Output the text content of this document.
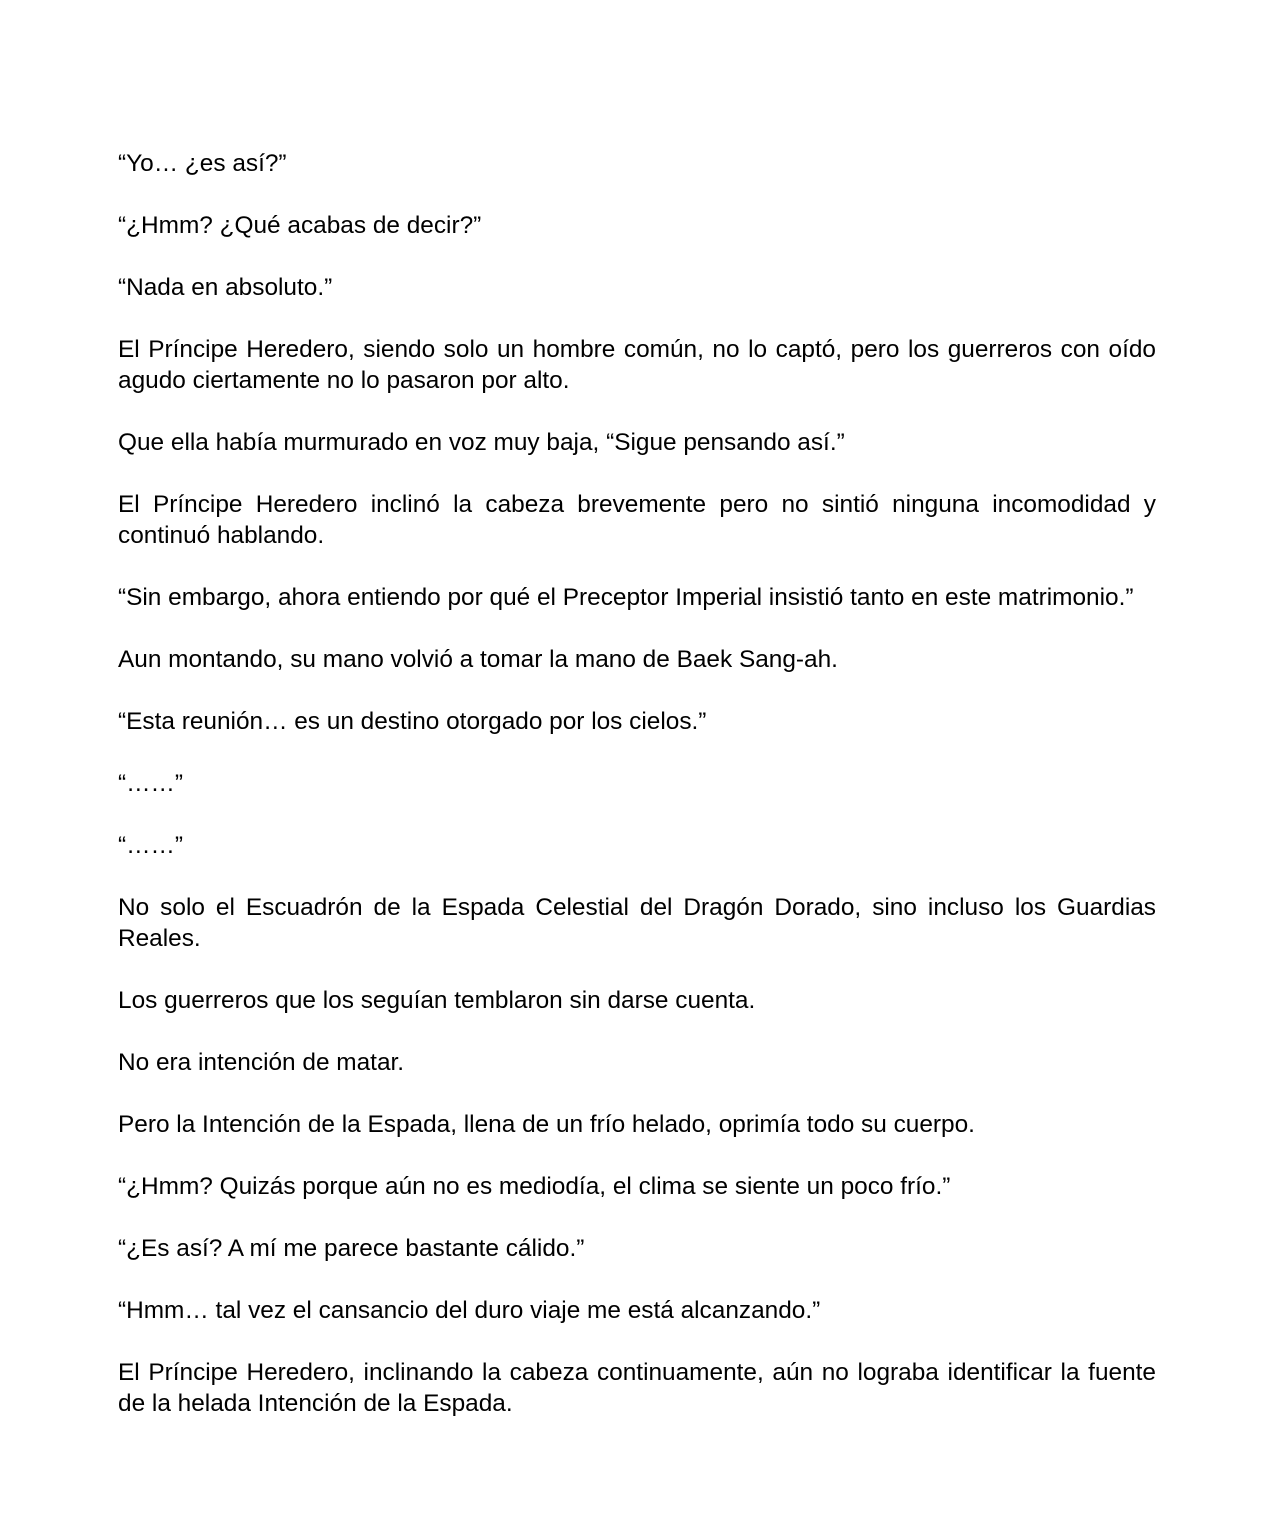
“Yo… ¿es así?”

“¿Hmm? ¿Qué acabas de decir?”

“Nada en absoluto.”

El Príncipe Heredero, siendo solo un hombre común, no lo captó, pero los guerreros con oído agudo ciertamente no lo pasaron por alto.

Que ella había murmurado en voz muy baja, “Sigue pensando así.”

El Príncipe Heredero inclinó la cabeza brevemente pero no sintió ninguna incomodidad y continuó hablando.

“Sin embargo, ahora entiendo por qué el Preceptor Imperial insistió tanto en este matrimonio.”

Aun montando, su mano volvió a tomar la mano de Baek Sang-ah.

“Esta reunión… es un destino otorgado por los cielos.”

“……”

“……”

No solo el Escuadrón de la Espada Celestial del Dragón Dorado, sino incluso los Guardias Reales.

Los guerreros que los seguían temblaron sin darse cuenta.

No era intención de matar.

Pero la Intención de la Espada, llena de un frío helado, oprimía todo su cuerpo.

“¿Hmm? Quizás porque aún no es mediodía, el clima se siente un poco frío.”

“¿Es así? A mí me parece bastante cálido.”

“Hmm… tal vez el cansancio del duro viaje me está alcanzando.”

El Príncipe Heredero, inclinando la cabeza continuamente, aún no lograba identificar la fuente de la helada Intención de la Espada.
